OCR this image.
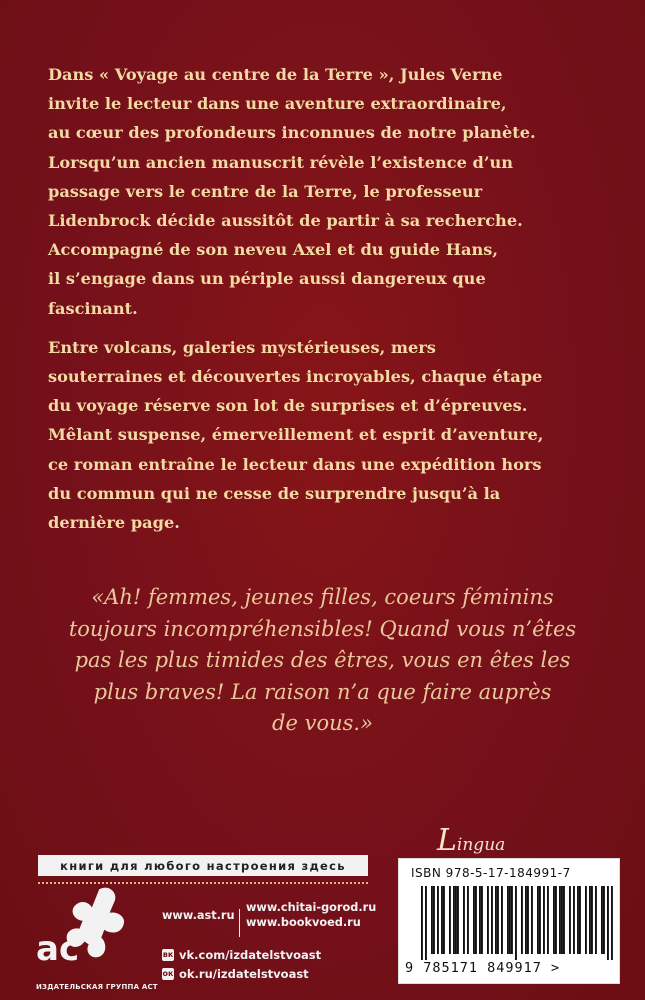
Dans « Voyage au centre de la Terre », Jules Verne
invite le lecteur dans une aventure extraordinaire,
au cœur des profondeurs inconnues de notre planète.
Lorsqu’un ancien manuscrit révèle l’existence d’un
passage vers le centre de la Terre, le professeur
Lidenbrock décide aussitôt de partir à sa recherche.
Accompagné de son neveu Axel et du guide Hans,
il s’engage dans un périple aussi dangereux que
fascinant.
Entre volcans, galeries mystérieuses, mers
souterraines et découvertes incroyables, chaque étape
du voyage réserve son lot de surprises et d’épreuves.
Mêlant suspense, émerveillement et esprit d’aventure,
ce roman entraîne le lecteur dans une expédition hors
du commun qui ne cesse de surprendre jusqu’à la
dernière page.
«Ah! femmes, jeunes filles, coeurs féminins
toujours incompréhensibles! Quand vous n’êtes
pas les plus timides des êtres, vous en êtes les
plus braves! La raison n’a que faire auprès
de vous.»
Lingua
книги для любого настроения здесь
ac
ИЗДАТЕЛЬСКАЯ ГРУППА АСТ
www.ast.ru
www.chitai-gorod.ru
www.bookvoed.ru
вк vk.com/izdatelstvoast
ок ok.ru/izdatelstvoast
ISBN 978-5-17-184991-7
9 785171 849917 >
